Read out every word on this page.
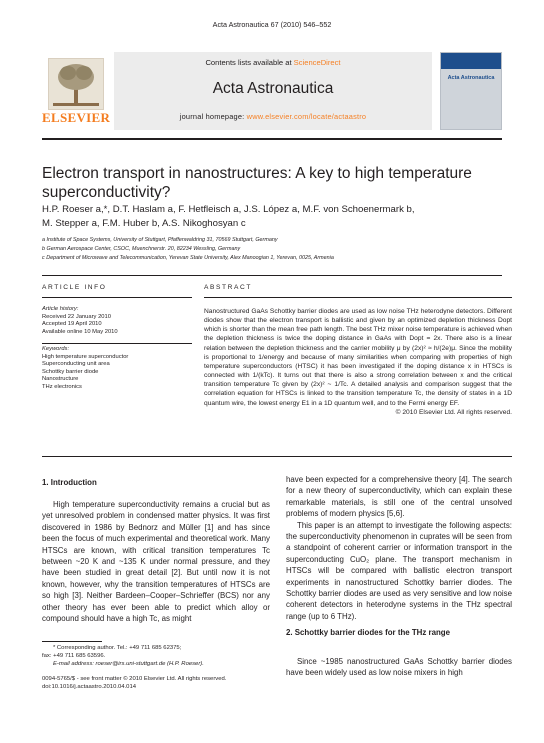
Acta Astronautica 67 (2010) 546–552
ELSEVIER
Contents lists available at ScienceDirect
Acta Astronautica
journal homepage: www.elsevier.com/locate/actaastro
Acta Astronautica
Electron transport in nanostructures: A key to high temperature superconductivity?
H.P. Roeser a,*, D.T. Haslam a, F. Hetfleisch a, J.S. López a, M.F. von Schoenermark b,
M. Stepper a, F.M. Huber b, A.S. Nikoghosyan c
a Institute of Space Systems, University of Stuttgart, Pfaffenwaldring 31, 70569 Stuttgart, Germany
b German Aerospace Center, CSOC, Muenchnerstr. 20, 82234 Wessling, Germany
c Department of Microwave and Telecommunication, Yerevan State University, Alex Manoogian 1, Yerevan, 0025, Armenia
ARTICLE INFO
Article history:
Received 22 January 2010
Accepted 19 April 2010
Available online 10 May 2010
Keywords:
High temperature superconductor
Superconducting unit area
Schottky barrier diode
Nanostructure
THz electronics
ABSTRACT
Nanostructured GaAs Schottky barrier diodes are used as low noise THz heterodyne detectors. Different diodes show that the electron transport is ballistic and given by an optimized depletion thickness Dopt which is shorter than the mean free path length. The best THz mixer noise temperature is achieved when the depletion thickness is twice the doping distance in GaAs with Dopt = 2x. There also is a linear relation between the depletion thickness and the carrier mobility μ by (2x)² ≈ h/(2e)μ. Since the mobility is proportional to 1/energy and because of many similarities when comparing with properties of high temperature superconductors (HTSC) it has been investigated if the doping distance x in HTSCs is connected with 1/(kTc). It turns out that there is also a strong correlation between x and the critical transition temperature Tc given by (2x)² ~ 1/Tc. A detailed analysis and comparison suggest that the correlation equation for HTSCs is linked to the transition temperature Tc, the density of states in a 1D quantum wire, the lowest energy E1 in a 1D quantum well, and to the Fermi energy EF.
© 2010 Elsevier Ltd. All rights reserved.
1. Introduction

High temperature superconductivity remains a crucial but as yet unresolved problem in condensed matter physics. It was first discovered in 1986 by Bednorz and Müller [1] and has since been the focus of much experimental and theoretical work. Many HTSCs are known, with critical transition temperatures Tc between ~20 K and ~135 K under normal pressure, and they have been studied in great detail [2]. But until now it is not known, however, why the transition temperatures of HTSCs are so high [3]. Neither Bardeen–Cooper–Schrieffer (BCS) nor any other theory has ever been able to predict which alloy or compound should have a high Tc, as might

* Corresponding author. Tel.: +49 711 685 62375;
fax: +49 711 685 63596.
E-mail address: roeser@irs.uni-stuttgart.de (H.P. Roeser).
0094-5765/$ - see front matter © 2010 Elsevier Ltd. All rights reserved.
doi:10.1016/j.actaastro.2010.04.014

have been expected for a comprehensive theory [4]. The search for a new theory of superconductivity, which can explain these remarkable materials, is still one of the central unsolved problems of modern physics [5,6].

This paper is an attempt to investigate the following aspects: the superconductivity phenomenon in cuprates will be seen from a standpoint of coherent carrier or information transport in the superconducting CuO₂ plane. The transport mechanism in HTSCs will be compared with ballistic electron transport experiments in nanostructured Schottky barrier diodes. The Schottky barrier diodes are used as very sensitive and low noise coherent detectors in heterodyne systems in the THz spectral range (up to 6 THz).

2. Schottky barrier diodes for the THz range

Since ~1985 nanostructured GaAs Schottky barrier diodes have been widely used as low noise mixers in high
